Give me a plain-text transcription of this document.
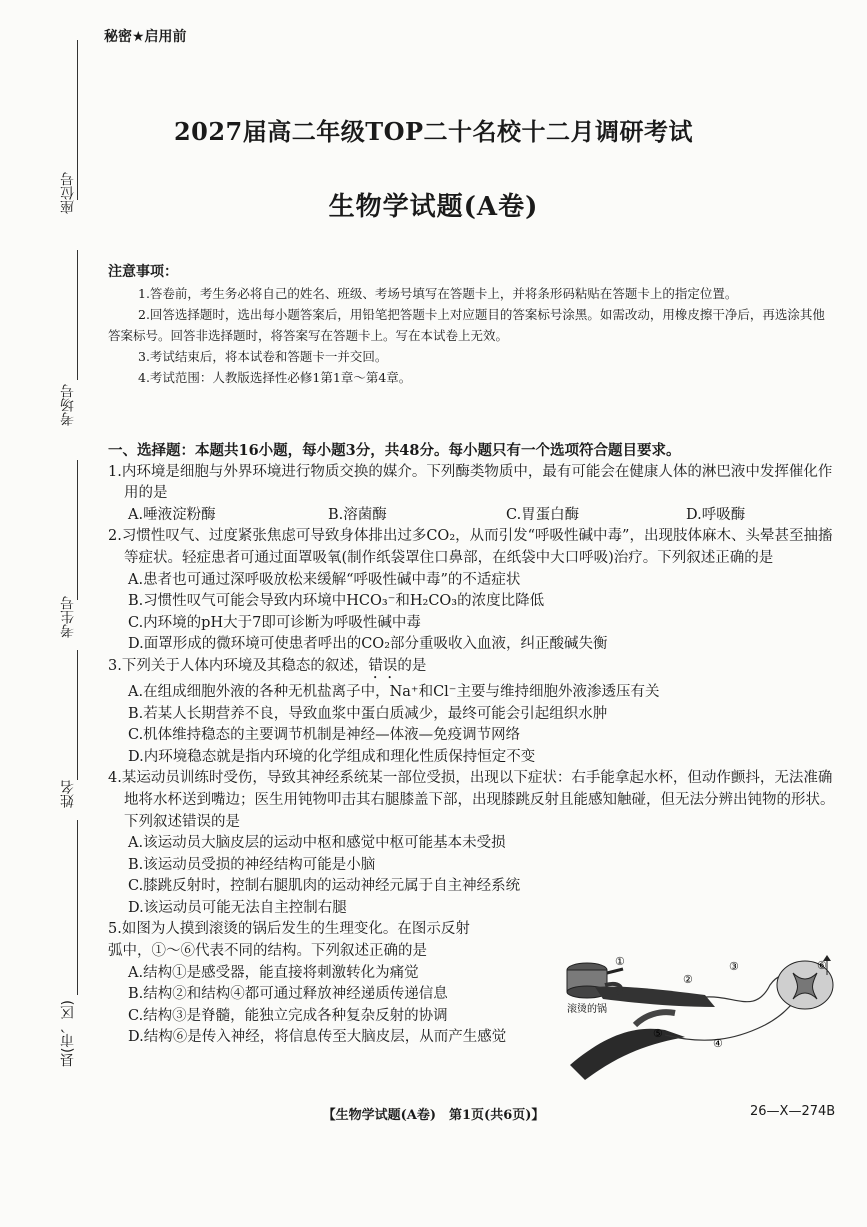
秘密★启用前
座位号
考场号
考生号
姓名
县(市、区)
2027届高二年级TOP二十名校十二月调研考试
生物学试题(A卷)
注意事项：

1.答卷前，考生务必将自己的姓名、班级、考场号填写在答题卡上，并将条形码粘贴在答题卡上的指定位置。

2.回答选择题时，选出每小题答案后，用铅笔把答题卡上对应题目的答案标号涂黑。如需改动，用橡皮擦干净后，再选涂其他答案标号。回答非选择题时，将答案写在答题卡上。写在本试卷上无效。

3.考试结束后，将本试卷和答题卡一并交回。

4.考试范围：人教版选择性必修1第1章～第4章。

一、选择题：本题共16小题，每小题3分，共48分。每小题只有一个选项符合题目要求。

1.内环境是细胞与外界环境进行物质交换的媒介。下列酶类物质中，最有可能会在健康人体的淋巴液中发挥催化作用的是

A.唾液淀粉酶	B.溶菌酶	C.胃蛋白酶	D.呼吸酶

2.习惯性叹气、过度紧张焦虑可导致身体排出过多CO₂，从而引发“呼吸性碱中毒”，出现肢体麻木、头晕甚至抽搐等症状。轻症患者可通过面罩吸氧(制作纸袋罩住口鼻部，在纸袋中大口呼吸)治疗。下列叙述正确的是

A.患者也可通过深呼吸放松来缓解“呼吸性碱中毒”的不适症状

B.习惯性叹气可能会导致内环境中HCO₃⁻和H₂CO₃的浓度比降低

C.内环境的pH大于7即可诊断为呼吸性碱中毒

D.面罩形成的微环境可使患者呼出的CO₂部分重吸收入血液，纠正酸碱失衡

3.下列关于人体内环境及其稳态的叙述，错误的是

A.在组成细胞外液的各种无机盐离子中，Na⁺和Cl⁻主要与维持细胞外液渗透压有关

B.若某人长期营养不良，导致血浆中蛋白质减少，最终可能会引起组织水肿

C.机体维持稳态的主要调节机制是神经—体液—免疫调节网络

D.内环境稳态就是指内环境的化学组成和理化性质保持恒定不变

4.某运动员训练时受伤，导致其神经系统某一部位受损，出现以下症状：右手能拿起水杯，但动作颤抖，无法准确地将水杯送到嘴边；医生用钝物叩击其右腿膝盖下部，出现膝跳反射且能感知触碰，但无法分辨出钝物的形状。下列叙述错误的是

A.该运动员大脑皮层的运动中枢和感觉中枢可能基本未受损

B.该运动员受损的神经结构可能是小脑

C.膝跳反射时，控制右腿肌肉的运动神经元属于自主神经系统

D.该运动员可能无法自主控制右腿

5.如图为人摸到滚烫的锅后发生的生理变化。在图示反射

弧中，①～⑥代表不同的结构。下列叙述正确的是

A.结构①是感受器，能直接将刺激转化为痛觉

B.结构②和结构④都可通过释放神经递质传递信息

C.结构③是脊髓，能独立完成各种复杂反射的协调

D.结构⑥是传入神经，将信息传至大脑皮层，从而产生感觉

滚烫的锅
①
②
③
④
⑤
⑥
【生物学试题(A卷)　第1页(共6页)】	26—X—274B
